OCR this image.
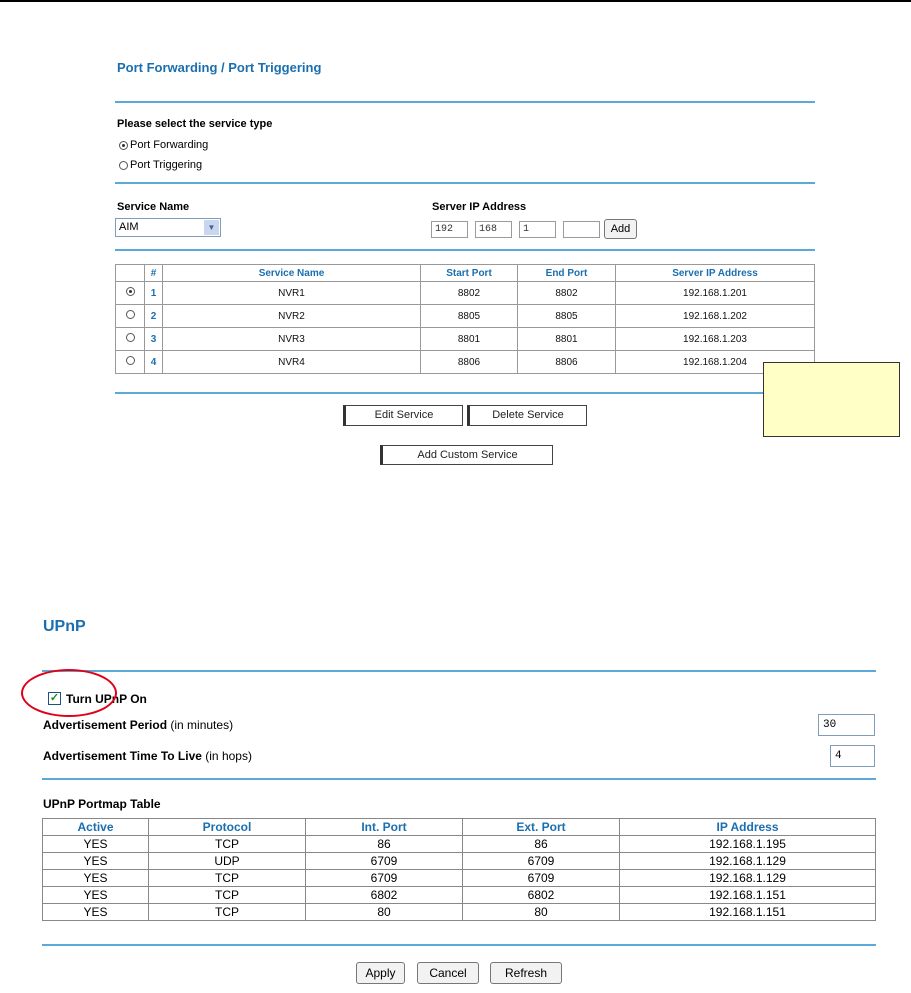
Port Forwarding / Port Triggering
Please select the service type
Port Forwarding
Port Triggering
Service Name
AIM	▼
Server IP Address
192	168	1	Add
	#	Service Name	Start Port	End Port	Server IP Address
	1	NVR1	8802	8802	192.168.1.201
	2	NVR2	8805	8805	192.168.1.202
	3	NVR3	8801	8801	192.168.1.203
	4	NVR4	8806	8806	192.168.1.204
Edit Service	Delete Service
Add Custom Service
UPnP
✓ Turn UPnP On
Advertisement Period (in minutes)	30
Advertisement Time To Live (in hops)	4
UPnP Portmap Table
Active	Protocol	Int. Port	Ext. Port	IP Address
YES	TCP	86	86	192.168.1.195
YES	UDP	6709	6709	192.168.1.129
YES	TCP	6709	6709	192.168.1.129
YES	TCP	6802	6802	192.168.1.151
YES	TCP	80	80	192.168.1.151
Apply	Cancel	Refresh
